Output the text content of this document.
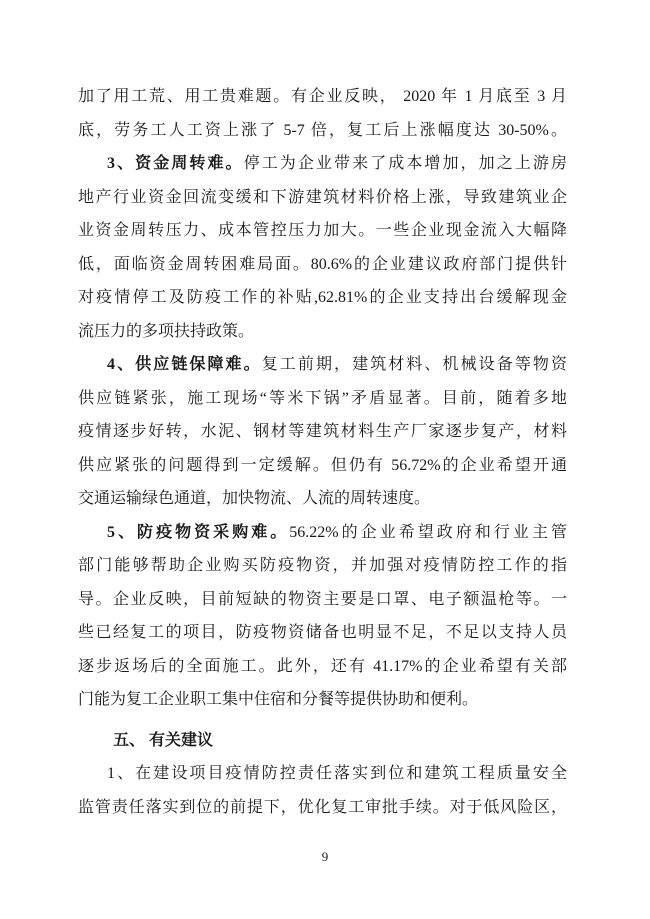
加了用工荒、用工贵难题。有企业反映， 2020 年 1 月底至 3 月
底，劳务工人工资上涨了 5-7 倍，复工后上涨幅度达 30-50%。
3、资金周转难。停工为企业带来了成本增加，加之上游房
地产行业资金回流变缓和下游建筑材料价格上涨，导致建筑业企
业资金周转压力、成本管控压力加大。一些企业现金流入大幅降
低，面临资金周转困难局面。80.6%的企业建议政府部门提供针
对疫情停工及防疫工作的补贴,62.81%的企业支持出台缓解现金
流压力的多项扶持政策。
4、供应链保障难。复工前期，建筑材料、机械设备等物资
供应链紧张，施工现场“等米下锅”矛盾显著。目前，随着多地
疫情逐步好转，水泥、钢材等建筑材料生产厂家逐步复产，材料
供应紧张的问题得到一定缓解。但仍有 56.72%的企业希望开通
交通运输绿色通道，加快物流、人流的周转速度。
5、防疫物资采购难。56.22%的企业希望政府和行业主管
部门能够帮助企业购买防疫物资，并加强对疫情防控工作的指
导。企业反映，目前短缺的物资主要是口罩、电子额温枪等。一
些已经复工的项目，防疫物资储备也明显不足，不足以支持人员
逐步返场后的全面施工。此外，还有 41.17%的企业希望有关部
门能为复工企业职工集中住宿和分餐等提供协助和便利。
五、 有关建议
1、在建设项目疫情防控责任落实到位和建筑工程质量安全
监管责任落实到位的前提下，优化复工审批手续。对于低风险区，
9
